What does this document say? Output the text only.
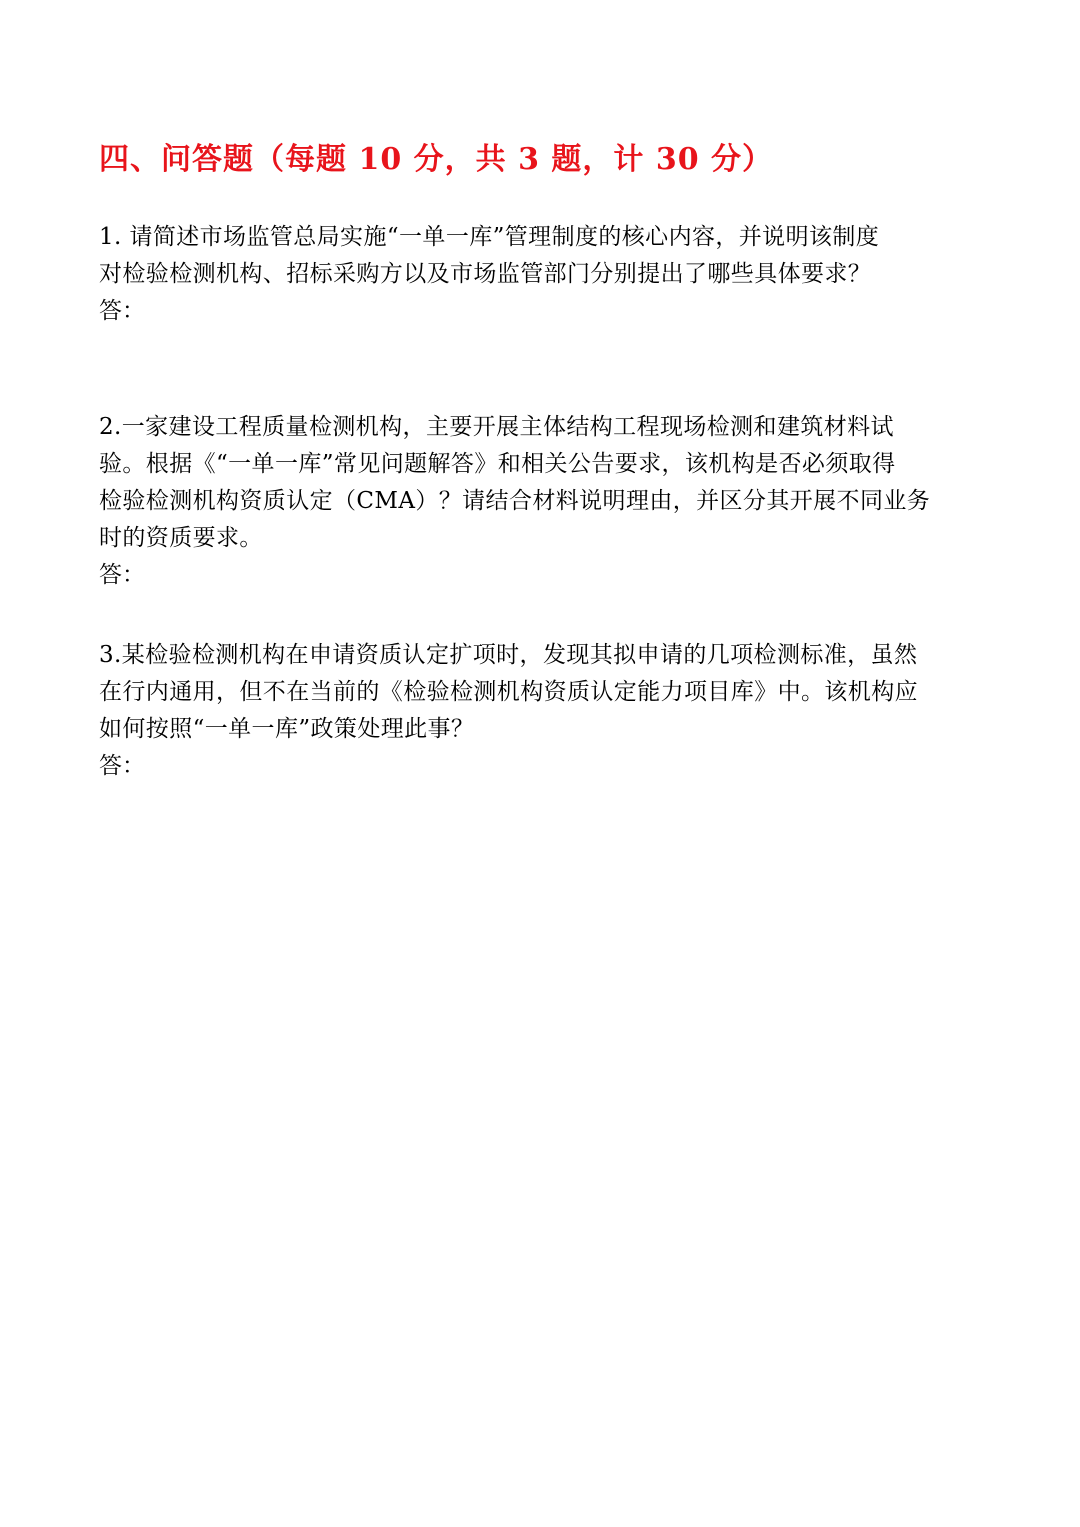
四、问答题（每题 10 分，共 3 题，计 30 分）
1. 请简述市场监管总局实施“一单一库”管理制度的核心内容，并说明该制度
对检验检测机构、招标采购方以及市场监管部门分别提出了哪些具体要求？
答：
2.一家建设工程质量检测机构，主要开展主体结构工程现场检测和建筑材料试
验。根据《“一单一库”常见问题解答》和相关公告要求，该机构是否必须取得
检验检测机构资质认定（CMA）？请结合材料说明理由，并区分其开展不同业务
时的资质要求。
答：
3.某检验检测机构在申请资质认定扩项时，发现其拟申请的几项检测标准，虽然
在行内通用，但不在当前的《检验检测机构资质认定能力项目库》中。该机构应
如何按照“一单一库”政策处理此事？
答：
